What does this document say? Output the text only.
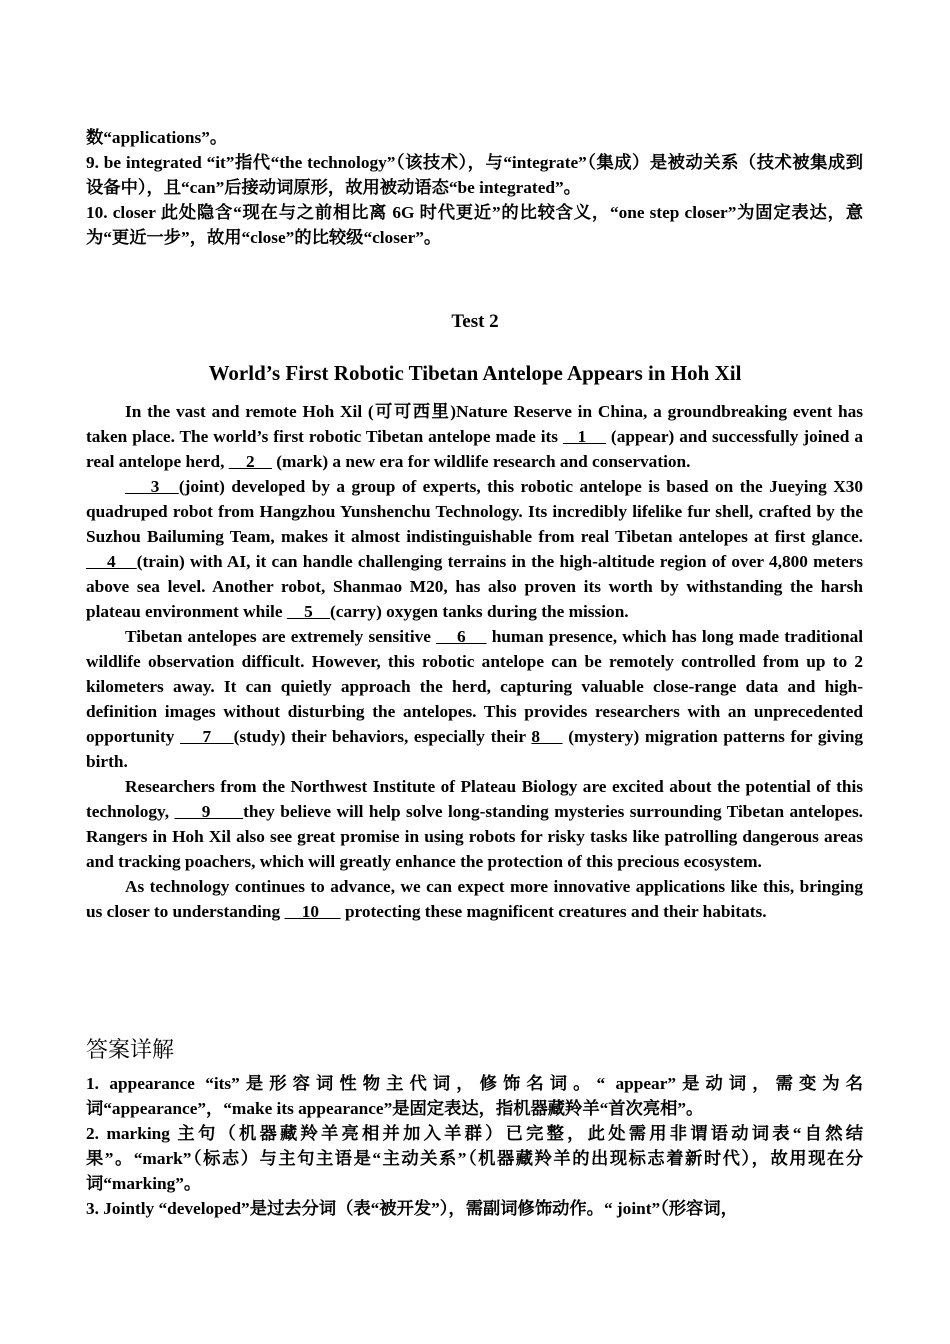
数“applications”。

9. be integrated “it”指代“the technology”（该技术），与“integrate”（集成）是被动关系（技术被集成到设备中），且“can”后接动词原形，故用被动语态“be integrated”。

10. closer 此处隐含“现在与之前相比离 6G 时代更近”的比较含义，“one step closer”为固定表达，意为“更近一步”，故用“close”的比较级“closer”。

Test 2
World’s First Robotic Tibetan Antelope Appears in Hoh Xil

In the vast and remote Hoh Xil (可可西里)Nature Reserve in China, a groundbreaking event has taken place. The world’s first robotic Tibetan antelope made its    1     (appear) and successfully joined a real antelope herd,     2     (mark) a new era for wildlife research and conservation.

3   (joint) developed by a group of experts, this robotic antelope is based on the Jueying X30 quadruped robot from Hangzhou Yunshenchu Technology. Its incredibly lifelike fur shell, crafted by the Suzhou Bailuming Team, makes it almost indistinguishable from real Tibetan antelopes at first glance.     4    (train) with AI, it can handle challenging terrains in the high-altitude region of over 4,800 meters above sea level. Another robot, Shanmao M20, has also proven its worth by withstanding the harsh plateau environment while     5    (carry) oxygen tanks during the mission.

Tibetan antelopes are extremely sensitive     6     human presence, which has long made traditional wildlife observation difficult. However, this robotic antelope can be remotely controlled from up to 2 kilometers away. It can quietly approach the herd, capturing valuable close-range data and high-definition images without disturbing the antelopes. This provides researchers with an unprecedented opportunity     7    (study) their behaviors, especially their 8     (mystery) migration patterns for giving birth.

Researchers from the Northwest Institute of Plateau Biology are excited about the potential of this technology,      9      they believe will help solve long-standing mysteries surrounding Tibetan antelopes. Rangers in Hoh Xil also see great promise in using robots for risky tasks like patrolling dangerous areas and tracking poachers, which will greatly enhance the protection of this precious ecosystem.

As technology continues to advance, we can expect more innovative applications like this, bringing us closer to understanding     10      protecting these magnificent creatures and their habitats.

答案详解

1. appearance “its”是形容词性物主代词，修饰名词。“ appear”是动词，需变为名词“appearance”，“make its appearance”是固定表达，指机器藏羚羊“首次亮相”。

2. marking 主句（机器藏羚羊亮相并加入羊群）已完整，此处需用非谓语动词表“自然结果”。“mark”（标志）与主句主语是“主动关系”（机器藏羚羊的出现标志着新时代），故用现在分词“marking”。

3. Jointly “developed”是过去分词（表“被开发”），需副词修饰动作。“ joint”（形容词，
